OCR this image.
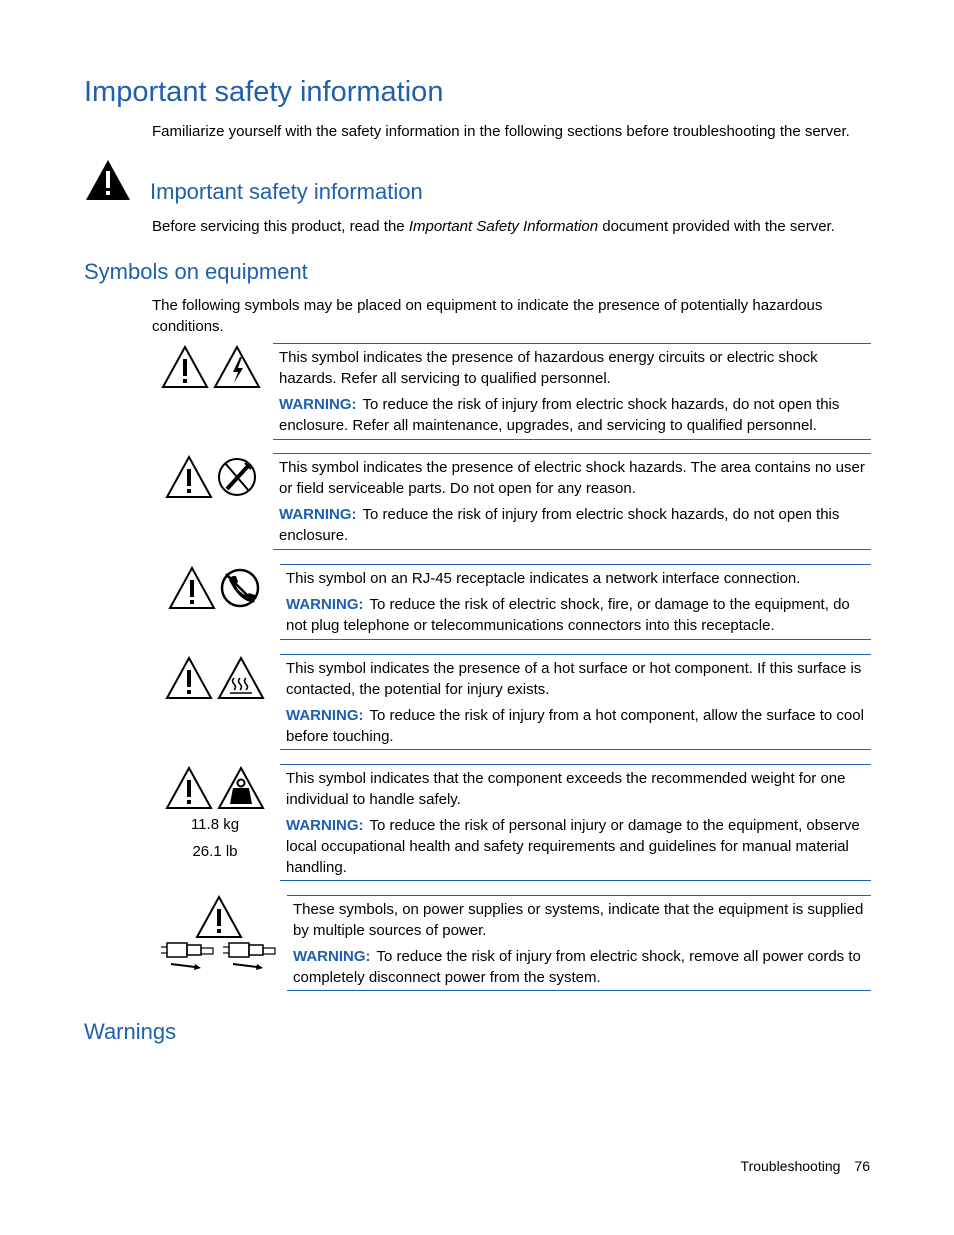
Important safety information
Familiarize yourself with the safety information in the following sections before troubleshooting the server.
Important safety information
Before servicing this product, read the Important Safety Information document provided with the server.
Symbols on equipment
The following symbols may be placed on equipment to indicate the presence of potentially hazardous conditions.

This symbol indicates the presence of hazardous energy circuits or electric shock hazards. Refer all servicing to qualified personnel.

WARNING: To reduce the risk of injury from electric shock hazards, do not open this enclosure. Refer all maintenance, upgrades, and servicing to qualified personnel.

This symbol indicates the presence of electric shock hazards. The area contains no user or field serviceable parts. Do not open for any reason.

WARNING: To reduce the risk of injury from electric shock hazards, do not open this enclosure.

This symbol on an RJ-45 receptacle indicates a network interface connection.

WARNING: To reduce the risk of electric shock, fire, or damage to the equipment, do not plug telephone or telecommunications connectors into this receptacle.

This symbol indicates the presence of a hot surface or hot component. If this surface is contacted, the potential for injury exists.

WARNING: To reduce the risk of injury from a hot component, allow the surface to cool before touching.

11.8 kg
26.1 lb

This symbol indicates that the component exceeds the recommended weight for one individual to handle safely.

WARNING: To reduce the risk of personal injury or damage to the equipment, observe local occupational health and safety requirements and guidelines for manual material handling.

These symbols, on power supplies or systems, indicate that the equipment is supplied by multiple sources of power.

WARNING: To reduce the risk of injury from electric shock, remove all power cords to completely disconnect power from the system.

Warnings
Troubleshooting 76
